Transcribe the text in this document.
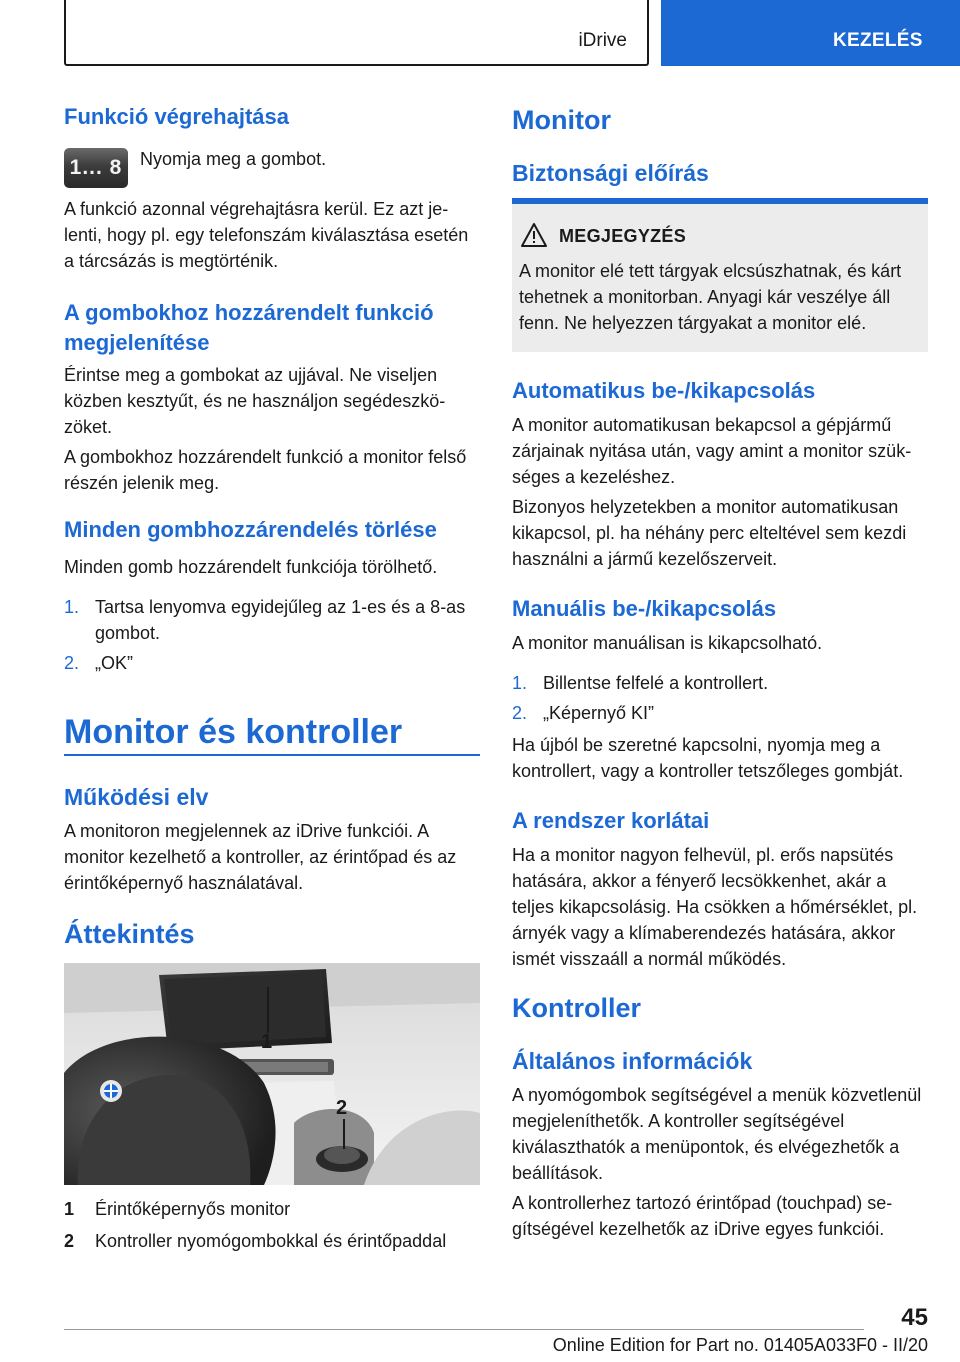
iDrive	KEZELÉS
Funkció végrehajtása
1... 8 Nyomja meg a gombot.
A funkció azonnal végrehajtásra kerül. Ez azt jelenti, hogy pl. egy telefonszám kiválasztása esetén a tárcsázás is megtörténik.
A gombokhoz hozzárendelt funkció megjelenítése
Érintse meg a gombokat az ujjával. Ne viseljen közben kesztyűt, és ne használjon segédeszközöket.
A gombokhoz hozzárendelt funkció a monitor felső részén jelenik meg.
Minden gombhozzárendelés törlése
Minden gomb hozzárendelt funkciója törölhető.
1. Tartsa lenyomva egyidejűleg az 1-es és a 8-as gombot.
2. „OK”
Monitor és kontroller
Működési elv
A monitoron megjelennek az iDrive funkciói. A monitor kezelhető a kontroller, az érintőpad és az érintőképernyő használatával.
Áttekintés
1
2
1	Érintőképernyős monitor
2	Kontroller nyomógombokkal és érintőpaddal
Monitor
Biztonsági előírás
MEGJEGYZÉS
A monitor elé tett tárgyak elcsúszhatnak, és kárt tehetnek a monitorban. Anyagi kár veszélye áll fenn. Ne helyezzen tárgyakat a monitor elé.
Automatikus be-/kikapcsolás
A monitor automatikusan bekapcsol a gépjármű zárjainak nyitása után, vagy amint a monitor szükséges a kezeléshez.
Bizonyos helyzetekben a monitor automatikusan kikapcsol, pl. ha néhány perc elteltével sem kezdi használni a jármű kezelőszerveit.
Manuális be-/kikapcsolás
A monitor manuálisan is kikapcsolható.
1. Billentse felfelé a kontrollert.
2. „Képernyő KI”
Ha újból be szeretné kapcsolni, nyomja meg a kontrollert, vagy a kontroller tetszőleges gombját.
A rendszer korlátai
Ha a monitor nagyon felhevül, pl. erős napsütés hatására, akkor a fényerő lecsökkenhet, akár a teljes kikapcsolásig. Ha csökken a hőmérséklet, pl. árnyék vagy a klímaberendezés hatására, akkor ismét visszaáll a normál működés.
Kontroller
Általános információk
A nyomógombok segítségével a menük közvetlenül megjeleníthetők. A kontroller segítségével kiválaszthatók a menüpontok, és elvégezhetők a beállítások.
A kontrollerhez tartozó érintőpad (touchpad) segítségével kezelhetők az iDrive egyes funkciói.
45
Online Edition for Part no. 01405A033F0 - II/20
